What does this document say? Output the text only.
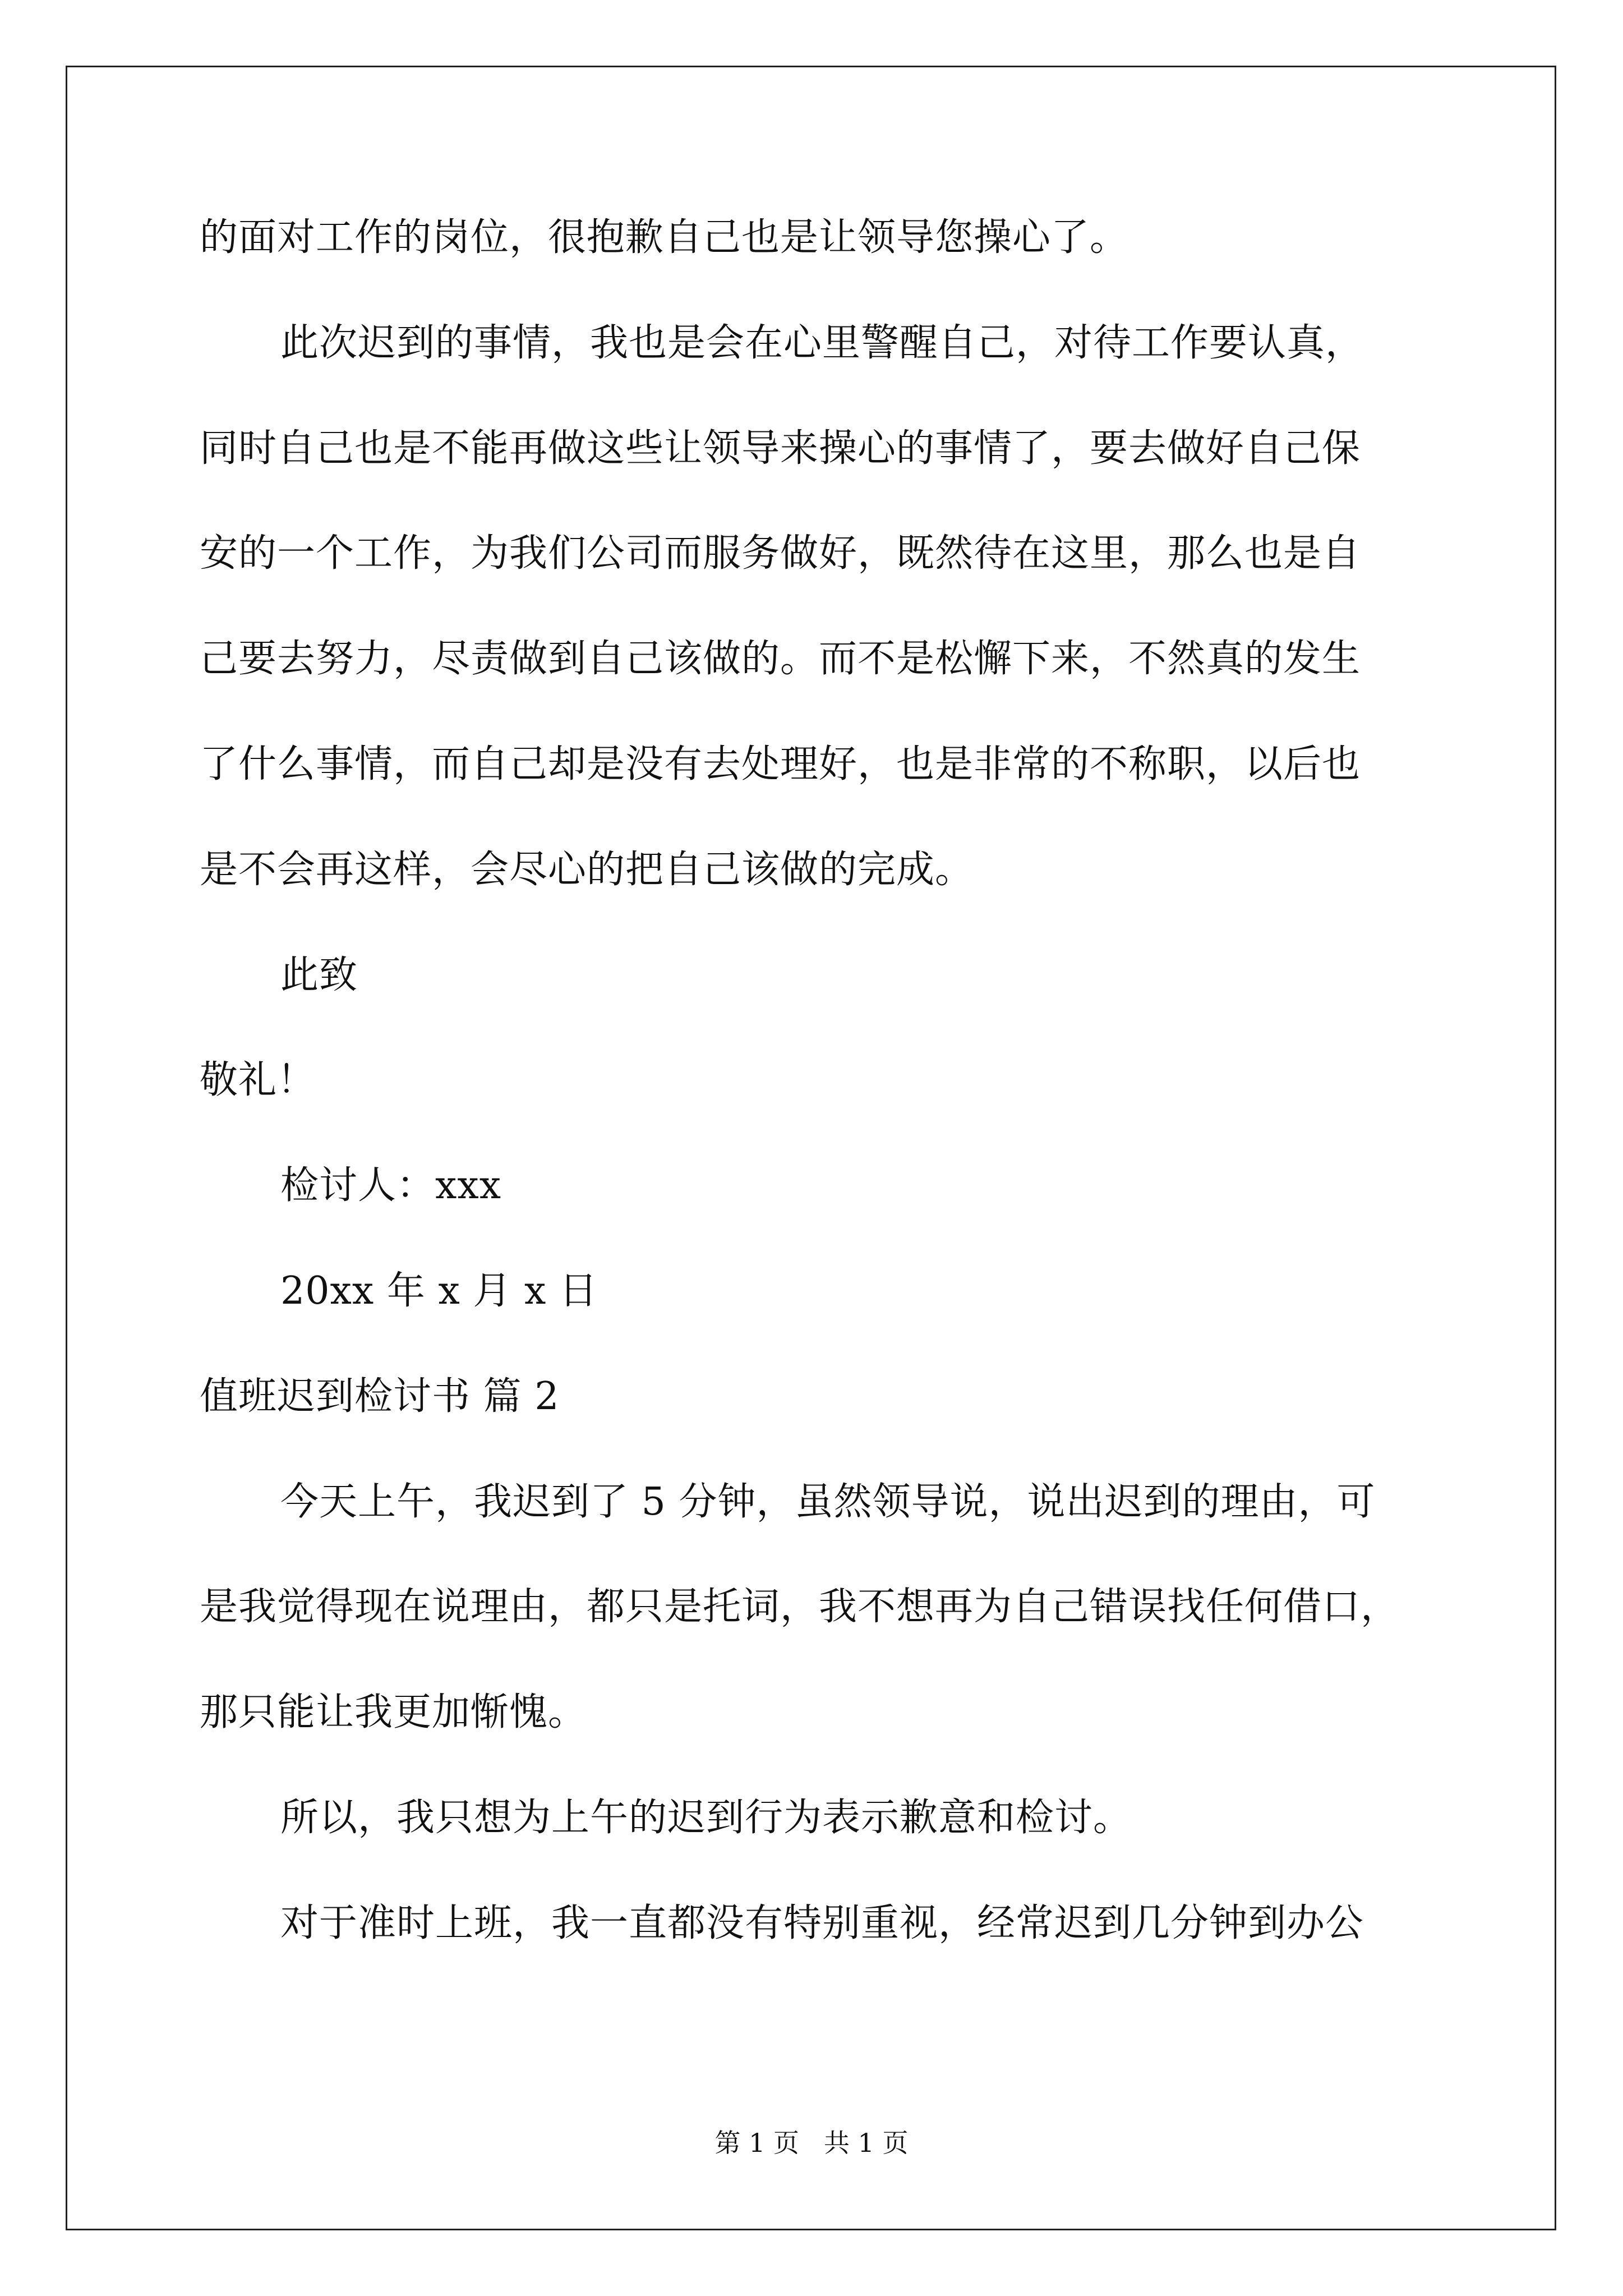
的面对工作的岗位，很抱歉自己也是让领导您操心了。
此次迟到的事情，我也是会在心里警醒自己，对待工作要认真，
同时自己也是不能再做这些让领导来操心的事情了，要去做好自己保
安的一个工作，为我们公司而服务做好，既然待在这里，那么也是自
己要去努力，尽责做到自己该做的。而不是松懈下来，不然真的发生
了什么事情，而自己却是没有去处理好，也是非常的不称职，以后也
是不会再这样，会尽心的把自己该做的完成。
此致
敬礼！
检讨人：xxx
20xx 年 x 月 x 日
值班迟到检讨书 篇 2
今天上午，我迟到了 5 分钟，虽然领导说，说出迟到的理由，可
是我觉得现在说理由，都只是托词，我不想再为自己错误找任何借口，
那只能让我更加惭愧。
所以，我只想为上午的迟到行为表示歉意和检讨。
对于准时上班，我一直都没有特别重视，经常迟到几分钟到办公
第 1 页 共 1 页
